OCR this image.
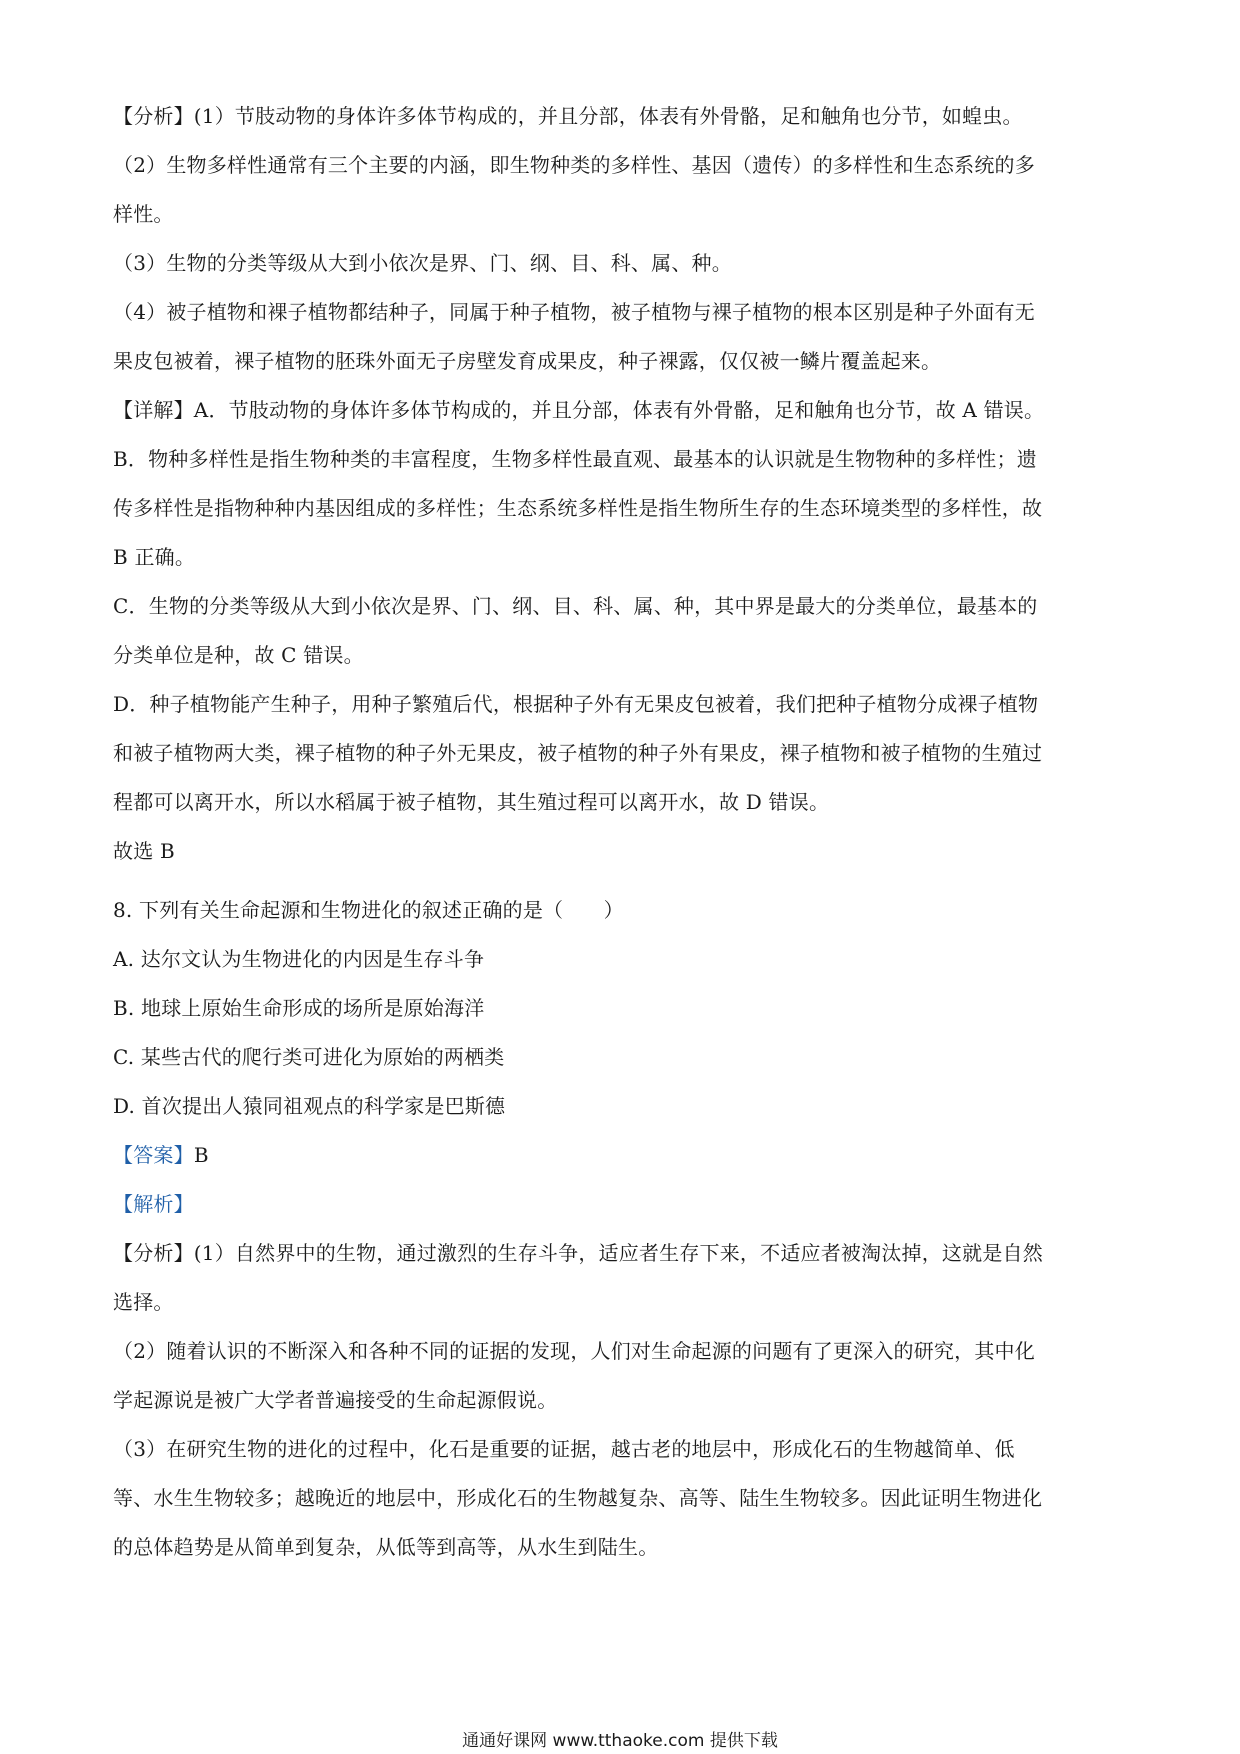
【分析】(1）节肢动物的身体许多体节构成的，并且分部，体表有外骨骼，足和触角也分节，如蝗虫。
（2）生物多样性通常有三个主要的内涵，即生物种类的多样性、基因（遗传）的多样性和生态系统的多
样性。
（3）生物的分类等级从大到小依次是界、门、纲、目、科、属、种。
（4）被子植物和裸子植物都结种子，同属于种子植物，被子植物与裸子植物的根本区别是种子外面有无
果皮包被着，裸子植物的胚珠外面无子房壁发育成果皮，种子裸露，仅仅被一鳞片覆盖起来。
【详解】A．节肢动物的身体许多体节构成的，并且分部，体表有外骨骼，足和触角也分节，故 A 错误。
B．物种多样性是指生物种类的丰富程度，生物多样性最直观、最基本的认识就是生物物种的多样性；遗
传多样性是指物种种内基因组成的多样性；生态系统多样性是指生物所生存的生态环境类型的多样性，故
B 正确。
C．生物的分类等级从大到小依次是界、门、纲、目、科、属、种，其中界是最大的分类单位，最基本的
分类单位是种，故 C 错误。
D．种子植物能产生种子，用种子繁殖后代，根据种子外有无果皮包被着，我们把种子植物分成裸子植物
和被子植物两大类，裸子植物的种子外无果皮，被子植物的种子外有果皮，裸子植物和被子植物的生殖过
程都可以离开水，所以水稻属于被子植物，其生殖过程可以离开水，故 D 错误。
故选 B
8. 下列有关生命起源和生物进化的叙述正确的是（　　）
A. 达尔文认为生物进化的内因是生存斗争
B. 地球上原始生命形成的场所是原始海洋
C. 某些古代的爬行类可进化为原始的两栖类
D. 首次提出人猿同祖观点的科学家是巴斯德
【答案】B
【解析】
【分析】(1）自然界中的生物，通过激烈的生存斗争，适应者生存下来，不适应者被淘汰掉，这就是自然
选择。
（2）随着认识的不断深入和各种不同的证据的发现，人们对生命起源的问题有了更深入的研究，其中化
学起源说是被广大学者普遍接受的生命起源假说。
（3）在研究生物的进化的过程中，化石是重要的证据，越古老的地层中，形成化石的生物越简单、低
等、水生生物较多；越晚近的地层中，形成化石的生物越复杂、高等、陆生生物较多。因此证明生物进化
的总体趋势是从简单到复杂，从低等到高等，从水生到陆生。
通通好课网 www.tthaoke.com 提供下载
